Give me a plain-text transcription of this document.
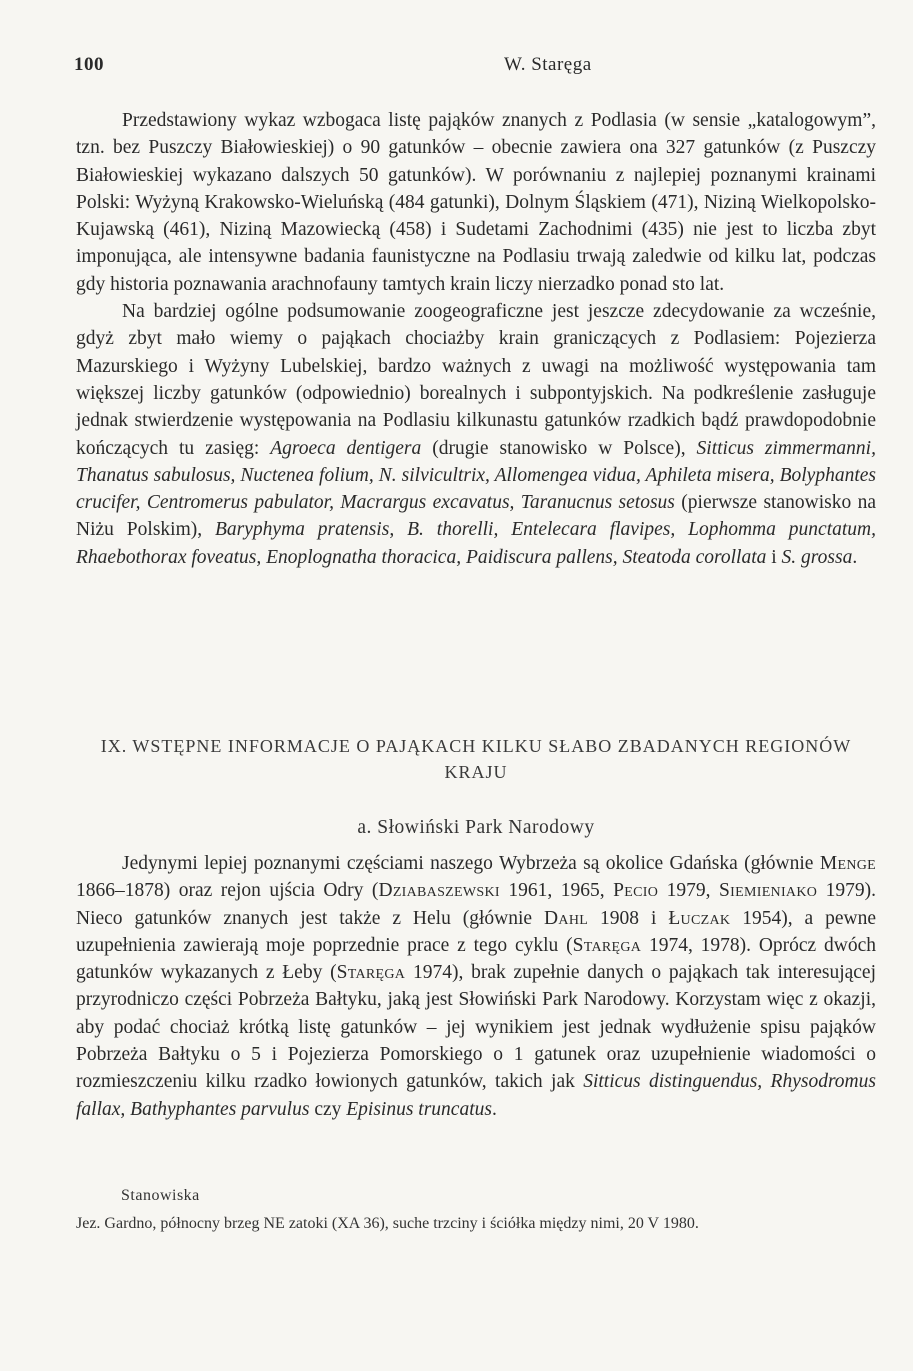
100	W. Staręga

Przedstawiony wykaz wzbogaca listę pająków znanych z Podlasia (w sensie „katalogowym”, tzn. bez Puszczy Białowieskiej) o 90 gatunków – obecnie zawiera ona 327 gatunków (z Puszczy Białowieskiej wykazano dalszych 50 gatunków). W porównaniu z najlepiej poznanymi krainami Polski: Wyżyną Krakowsko-Wieluńską (484 gatunki), Dolnym Śląskiem (471), Niziną Wielkopolsko-Kujawską (461), Niziną Mazowiecką (458) i Sudetami Zachodnimi (435) nie jest to liczba zbyt imponująca, ale intensywne badania faunistyczne na Podlasiu trwają zaledwie od kilku lat, podczas gdy historia poznawania arachnofauny tamtych krain liczy nierzadko ponad sto lat.

Na bardziej ogólne podsumowanie zoogeograficzne jest jeszcze zdecydowanie za wcześnie, gdyż zbyt mało wiemy o pająkach chociażby krain graniczących z Podlasiem: Pojezierza Mazurskiego i Wyżyny Lubelskiej, bardzo ważnych z uwagi na możliwość występowania tam większej liczby gatunków (odpowiednio) borealnych i subpontyjskich. Na podkreślenie zasługuje jednak stwierdzenie występowania na Podlasiu kilkunastu gatunków rzadkich bądź prawdopodobnie kończących tu zasięg: Agroeca dentigera (drugie stanowisko w Polsce), Sitticus zimmermanni, Thanatus sabulosus, Nuctenea folium, N. silvicultrix, Allomengea vidua, Aphileta misera, Bolyphantes crucifer, Centromerus pabulator, Macrargus excavatus, Taranucnus setosus (pierwsze stanowisko na Niżu Polskim), Baryphyma pratensis, B. thorelli, Entelecara flavipes, Lophomma punctatum, Rhaebothorax foveatus, Enoplognatha thoracica, Paidiscura pallens, Steatoda corollata i S. grossa.

IX. WSTĘPNE INFORMACJE O PAJĄKACH KILKU SŁABO ZBADANYCH REGIONÓW KRAJU
a. Słowiński Park Narodowy

Jedynymi lepiej poznanymi częściami naszego Wybrzeża są okolice Gdańska (głównie Menge 1866–1878) oraz rejon ujścia Odry (Dziabaszewski 1961, 1965, Pecio 1979, Siemieniako 1979). Nieco gatunków znanych jest także z Helu (głównie Dahl 1908 i Łuczak 1954), a pewne uzupełnienia zawierają moje poprzednie prace z tego cyklu (Staręga 1974, 1978). Oprócz dwóch gatunków wykazanych z Łeby (Staręga 1974), brak zupełnie danych o pająkach tak interesującej przyrodniczo części Pobrzeża Bałtyku, jaką jest Słowiński Park Narodowy. Korzystam więc z okazji, aby podać chociaż krótką listę gatunków – jej wynikiem jest jednak wydłużenie spisu pająków Pobrzeża Bałtyku o 5 i Pojezierza Pomorskiego o 1 gatunek oraz uzupełnienie wiadomości o rozmieszczeniu kilku rzadko łowionych gatunków, takich jak Sitticus distinguendus, Rhysodromus fallax, Bathyphantes parvulus czy Episinus truncatus.

Stanowiska

Jez. Gardno, północny brzeg NE zatoki (XA 36), suche trzciny i ściółka między nimi, 20 V 1980.
